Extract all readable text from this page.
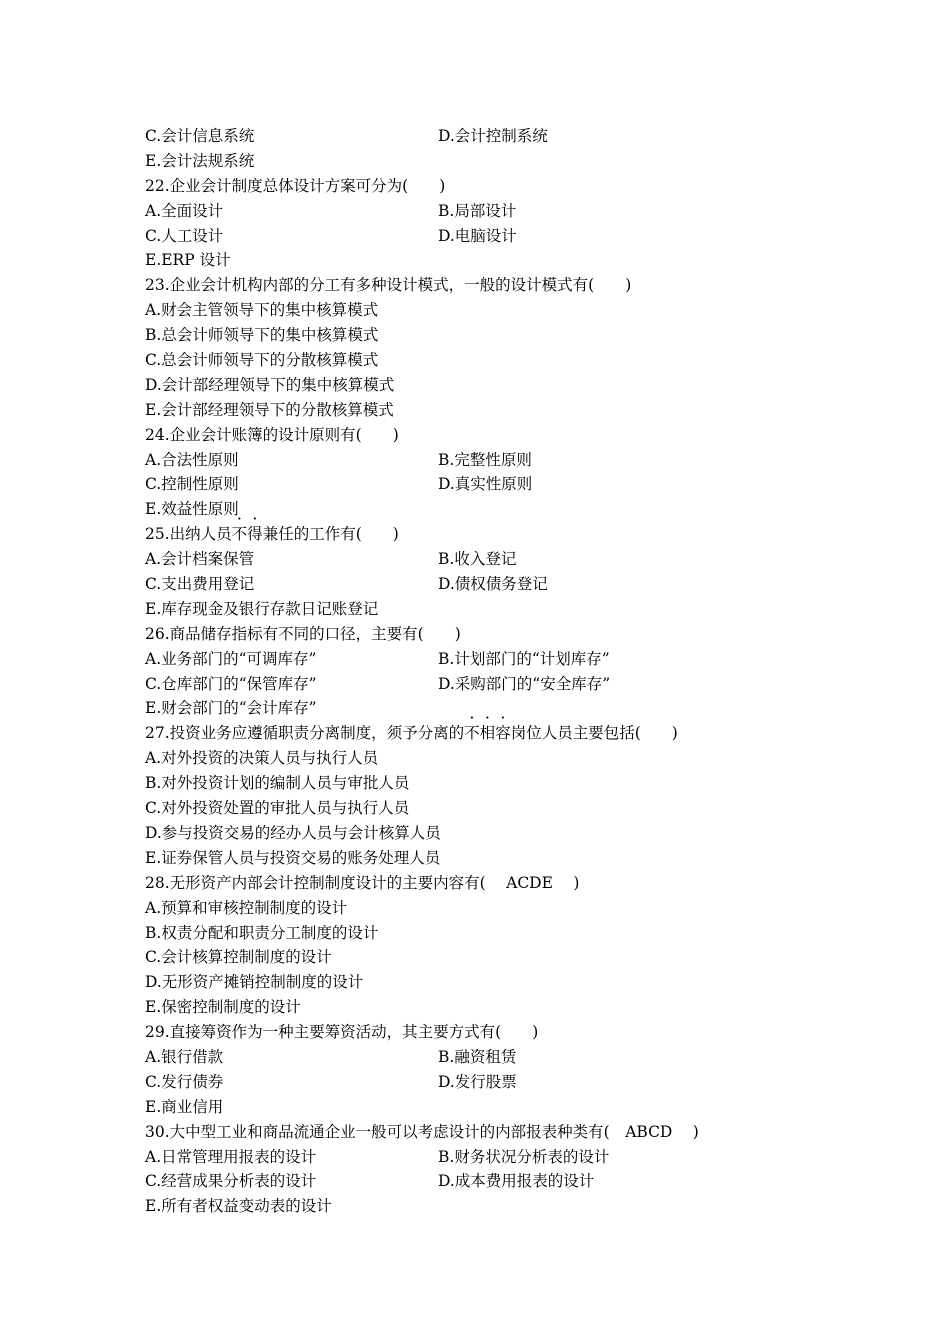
C.会计信息系统	D.会计控制系统
E.会计法规系统
22.企业会计制度总体设计方案可分为(  )
A.全面设计	B.局部设计
C.人工设计	D.电脑设计
E.ERP 设计
23.企业会计机构内部的分工有多种设计模式，一般的设计模式有(  )
A.财会主管领导下的集中核算模式
B.总会计师领导下的集中核算模式
C.总会计师领导下的分散核算模式
D.会计部经理领导下的集中核算模式
E.会计部经理领导下的分散核算模式
24.企业会计账簿的设计原则有(  )
A.合法性原则	B.完整性原则
C.控制性原则	D.真实性原则
E.效益性原则
25.出纳人员不得兼任的工作有(  )
A.会计档案保管	B.收入登记
C.支出费用登记	D.债权债务登记
E.库存现金及银行存款日记账登记
26.商品储存指标有不同的口径，主要有(  )
A.业务部门的“可调库存”	B.计划部门的“计划库存”
C.仓库部门的“保管库存”	D.采购部门的“安全库存”
E.财会部门的“会计库存”
27.投资业务应遵循职责分离制度，须予分离的不相容岗位人员主要包括(  )
A.对外投资的决策人员与执行人员
B.对外投资计划的编制人员与审批人员
C.对外投资处置的审批人员与执行人员
D.参与投资交易的经办人员与会计核算人员
E.证券保管人员与投资交易的账务处理人员
28.无形资产内部会计控制制度设计的主要内容有(  ACDE  )
A.预算和审核控制制度的设计
B.权责分配和职责分工制度的设计
C.会计核算控制制度的设计
D.无形资产摊销控制制度的设计
E.保密控制制度的设计
29.直接筹资作为一种主要筹资活动，其主要方式有(  )
A.银行借款	B.融资租赁
C.发行债券	D.发行股票
E.商业信用
30.大中型工业和商品流通企业一般可以考虑设计的内部报表种类有( ABCD  )
A.日常管理用报表的设计	B.财务状况分析表的设计
C.经营成果分析表的设计	D.成本费用报表的设计
E.所有者权益变动表的设计
